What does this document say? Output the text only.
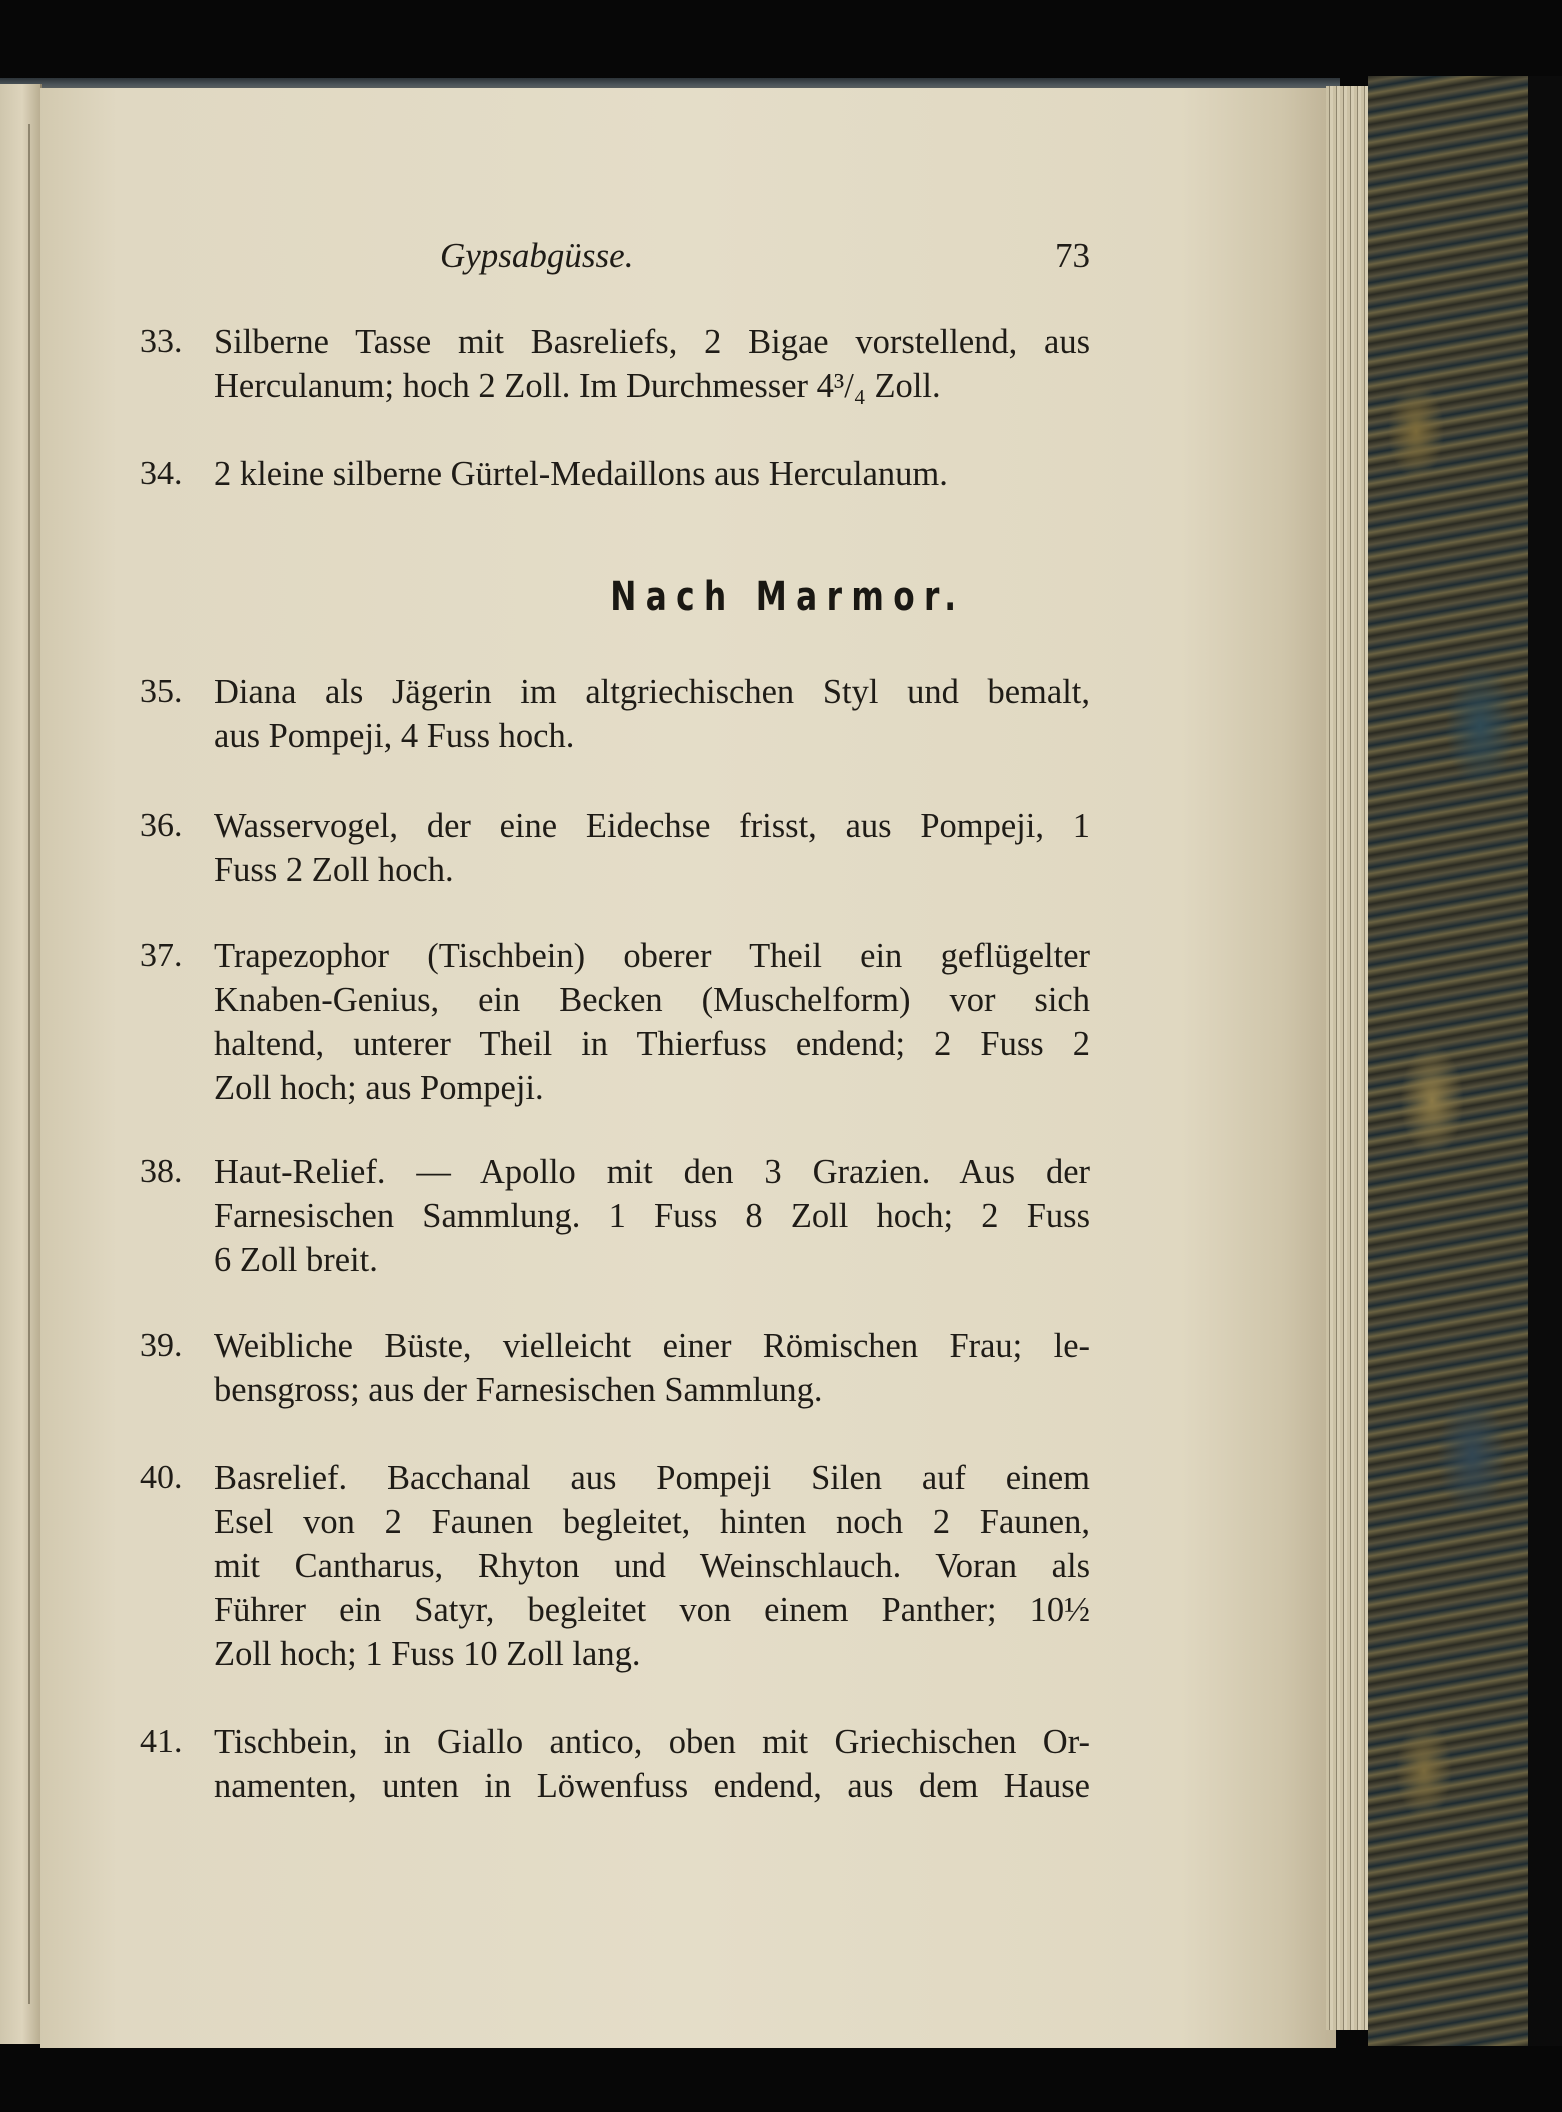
Gypsabgüsse.	73
Nach Marmor.
33. Silberne Tasse mit Basreliefs, 2 Bigae vorstellend, aus
Herculanum; hoch 2 Zoll. Im Durchmesser 4³/₄ Zoll.
34. 2 kleine silberne Gürtel-Medaillons aus Herculanum.
35. Diana als Jägerin im altgriechischen Styl und bemalt,
aus Pompeji, 4 Fuss hoch.
36. Wasservogel, der eine Eidechse frisst, aus Pompeji, 1
Fuss 2 Zoll hoch.
37. Trapezophor (Tischbein) oberer Theil ein geflügelter
Knaben-Genius, ein Becken (Muschelform) vor sich
haltend, unterer Theil in Thierfuss endend; 2 Fuss 2
Zoll hoch; aus Pompeji.
38. Haut-Relief. — Apollo mit den 3 Grazien. Aus der
Farnesischen Sammlung. 1 Fuss 8 Zoll hoch; 2 Fuss
6 Zoll breit.
39. Weibliche Büste, vielleicht einer Römischen Frau; le-
bensgross; aus der Farnesischen Sammlung.
40. Basrelief. Bacchanal aus Pompeji Silen auf einem
Esel von 2 Faunen begleitet, hinten noch 2 Faunen,
mit Cantharus, Rhyton und Weinschlauch. Voran als
Führer ein Satyr, begleitet von einem Panther; 10½
Zoll hoch; 1 Fuss 10 Zoll lang.
41. Tischbein, in Giallo antico, oben mit Griechischen Or-
namenten, unten in Löwenfuss endend, aus dem Hause
